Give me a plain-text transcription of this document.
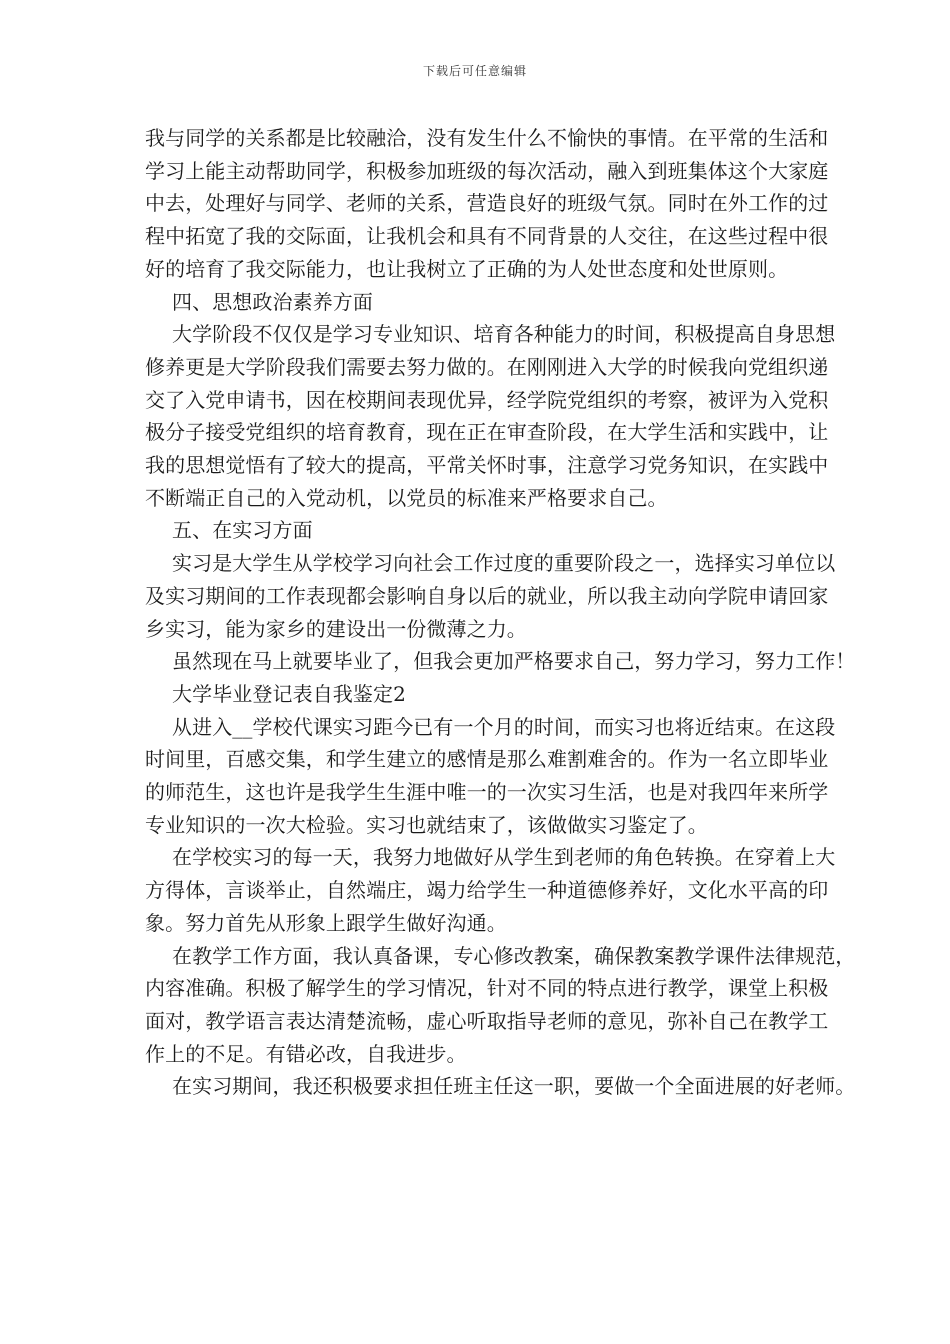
下载后可任意编辑
我与同学的关系都是比较融洽，没有发生什么不愉快的事情。在平常的生活和
学习上能主动帮助同学，积极参加班级的每次活动，融入到班集体这个大家庭
中去，处理好与同学、老师的关系，营造良好的班级气氛。同时在外工作的过
程中拓宽了我的交际面，让我机会和具有不同背景的人交往，在这些过程中很
好的培育了我交际能力，也让我树立了正确的为人处世态度和处世原则。
四、思想政治素养方面
大学阶段不仅仅是学习专业知识、培育各种能力的时间，积极提高自身思想
修养更是大学阶段我们需要去努力做的。在刚刚进入大学的时候我向党组织递
交了入党申请书，因在校期间表现优异，经学院党组织的考察，被评为入党积
极分子接受党组织的培育教育，现在正在审查阶段，在大学生活和实践中，让
我的思想觉悟有了较大的提高，平常关怀时事，注意学习党务知识，在实践中
不断端正自己的入党动机，以党员的标准来严格要求自己。
五、在实习方面
实习是大学生从学校学习向社会工作过度的重要阶段之一，选择实习单位以
及实习期间的工作表现都会影响自身以后的就业，所以我主动向学院申请回家
乡实习，能为家乡的建设出一份微薄之力。
虽然现在马上就要毕业了，但我会更加严格要求自己，努力学习，努力工作！
大学毕业登记表自我鉴定2
从进入__学校代课实习距今已有一个月的时间，而实习也将近结束。在这段
时间里，百感交集，和学生建立的感情是那么难割难舍的。作为一名立即毕业
的师范生，这也许是我学生生涯中唯一的一次实习生活，也是对我四年来所学
专业知识的一次大检验。实习也就结束了，该做做实习鉴定了。
在学校实习的每一天，我努力地做好从学生到老师的角色转换。在穿着上大
方得体，言谈举止，自然端庄，竭力给学生一种道德修养好，文化水平高的印
象。努力首先从形象上跟学生做好沟通。
在教学工作方面，我认真备课，专心修改教案，确保教案教学课件法律规范，
内容准确。积极了解学生的学习情况，针对不同的特点进行教学，课堂上积极
面对，教学语言表达清楚流畅，虚心听取指导老师的意见，弥补自己在教学工
作上的不足。有错必改，自我进步。
在实习期间，我还积极要求担任班主任这一职，要做一个全面进展的好老师。
